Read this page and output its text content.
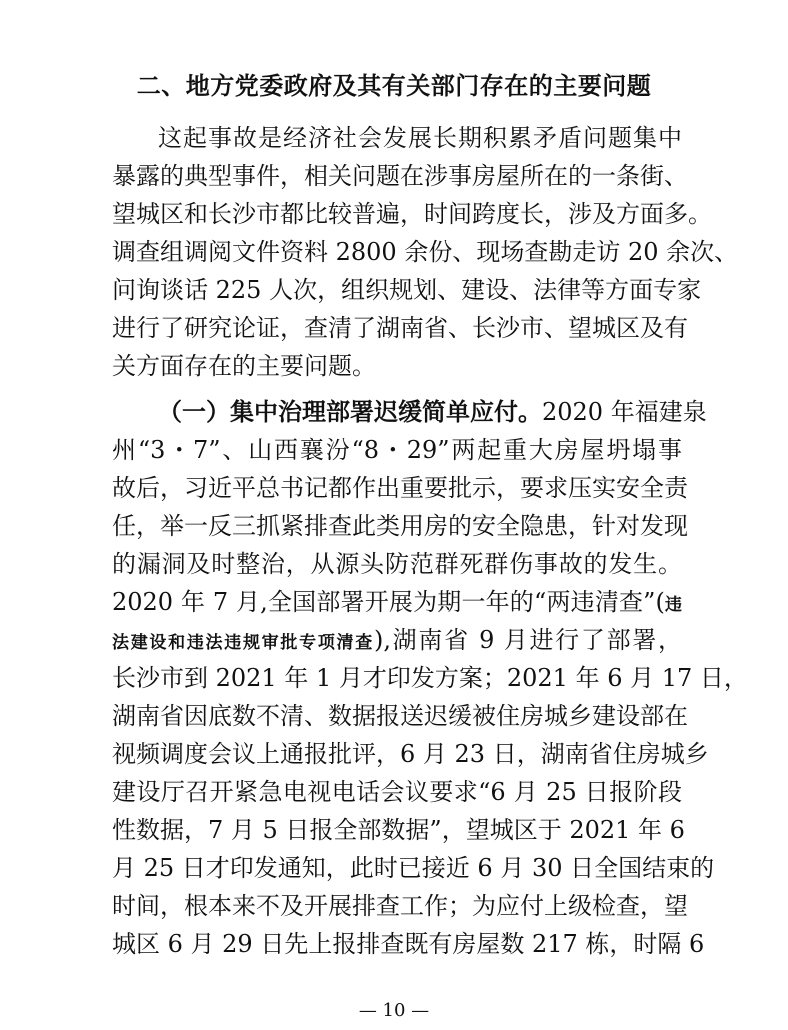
二、地方党委政府及其有关部门存在的主要问题
这起事故是经济社会发展长期积累矛盾问题集中
暴露的典型事件，相关问题在涉事房屋所在的一条街、
望城区和长沙市都比较普遍，时间跨度长，涉及方面多。
调查组调阅文件资料 2800 余份、现场查勘走访 20 余次、
问询谈话 225 人次，组织规划、建设、法律等方面专家
进行了研究论证，查清了湖南省、长沙市、望城区及有
关方面存在的主要问题。
（一）集中治理部署迟缓简单应付。2020 年福建泉
州“3・7”、山西襄汾“8・29”两起重大房屋坍塌事
故后，习近平总书记都作出重要批示，要求压实安全责
任，举一反三抓紧排查此类用房的安全隐患，针对发现
的漏洞及时整治，从源头防范群死群伤事故的发生。
2020 年 7 月,全国部署开展为期一年的“两违清查”(违
法建设和违法违规审批专项清查),湖南省 9 月进行了部署，
长沙市到 2021 年 1 月才印发方案；2021 年 6 月 17 日，
湖南省因底数不清、数据报送迟缓被住房城乡建设部在
视频调度会议上通报批评，6 月 23 日，湖南省住房城乡
建设厅召开紧急电视电话会议要求“6 月 25 日报阶段
性数据，7 月 5 日报全部数据”，望城区于 2021 年 6
月 25 日才印发通知，此时已接近 6 月 30 日全国结束的
时间，根本来不及开展排查工作；为应付上级检查，望
城区 6 月 29 日先上报排查既有房屋数 217 栋，时隔 6
— 10 —
